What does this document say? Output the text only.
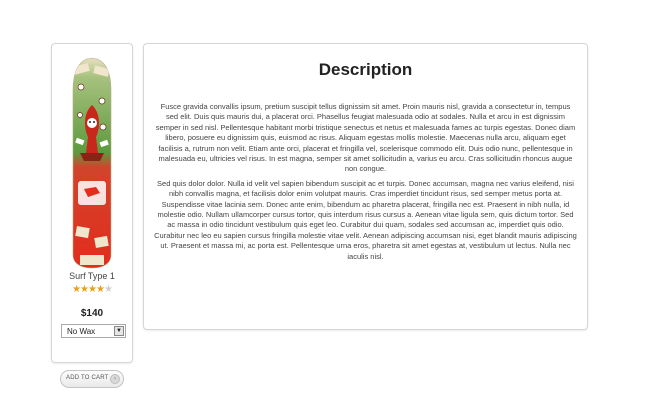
Surf Type 1
★★★★★
$140
No Wax	▼
ADD TO CART ›
Description

Fusce gravida convallis ipsum, pretium suscipit tellus dignissim sit amet. Proin mauris nisl, gravida a consectetur in, tempus sed elit. Duis quis mauris dui, a placerat orci. Phasellus feugiat malesuada odio at sodales. Nulla et arcu in est dignissim semper in sed nisl. Pellentesque habitant morbi tristique senectus et netus et malesuada fames ac turpis egestas. Donec diam libero, posuere eu dignissim quis, euismod ac risus. Aliquam egestas mollis molestie. Maecenas nulla arcu, aliquam eget facilisis a, rutrum non velit. Etiam ante orci, placerat et fringilla vel, scelerisque commodo elit. Duis odio nunc, pellentesque in malesuada eu, ultricies vel risus. In est magna, semper sit amet sollicitudin a, varius eu arcu. Cras sollicitudin rhoncus augue non congue.

Sed quis dolor dolor. Nulla id velit vel sapien bibendum suscipit ac et turpis. Donec accumsan, magna nec varius eleifend, nisi nibh convallis magna, et facilisis dolor enim volutpat mauris. Cras imperdiet tincidunt risus, sed semper metus porta at. Suspendisse vitae lacinia sem. Donec ante enim, bibendum ac pharetra placerat, fringilla nec est. Praesent in nibh nulla, id molestie odio. Nullam ullamcorper cursus tortor, quis interdum risus cursus a. Aenean vitae ligula sem, quis dictum tortor. Sed ac massa in odio tincidunt vestibulum quis eget leo. Curabitur dui quam, sodales sed accumsan ac, imperdiet quis odio. Curabitur nec leo eu sapien cursus fringilla molestie vitae velit. Aenean adipiscing accumsan nisi, eget blandit mauris adipiscing ut. Praesent et massa mi, ac porta est. Pellentesque urna eros, pharetra sit amet egestas at, vestibulum ut lectus. Nulla nec iaculis nisl.
